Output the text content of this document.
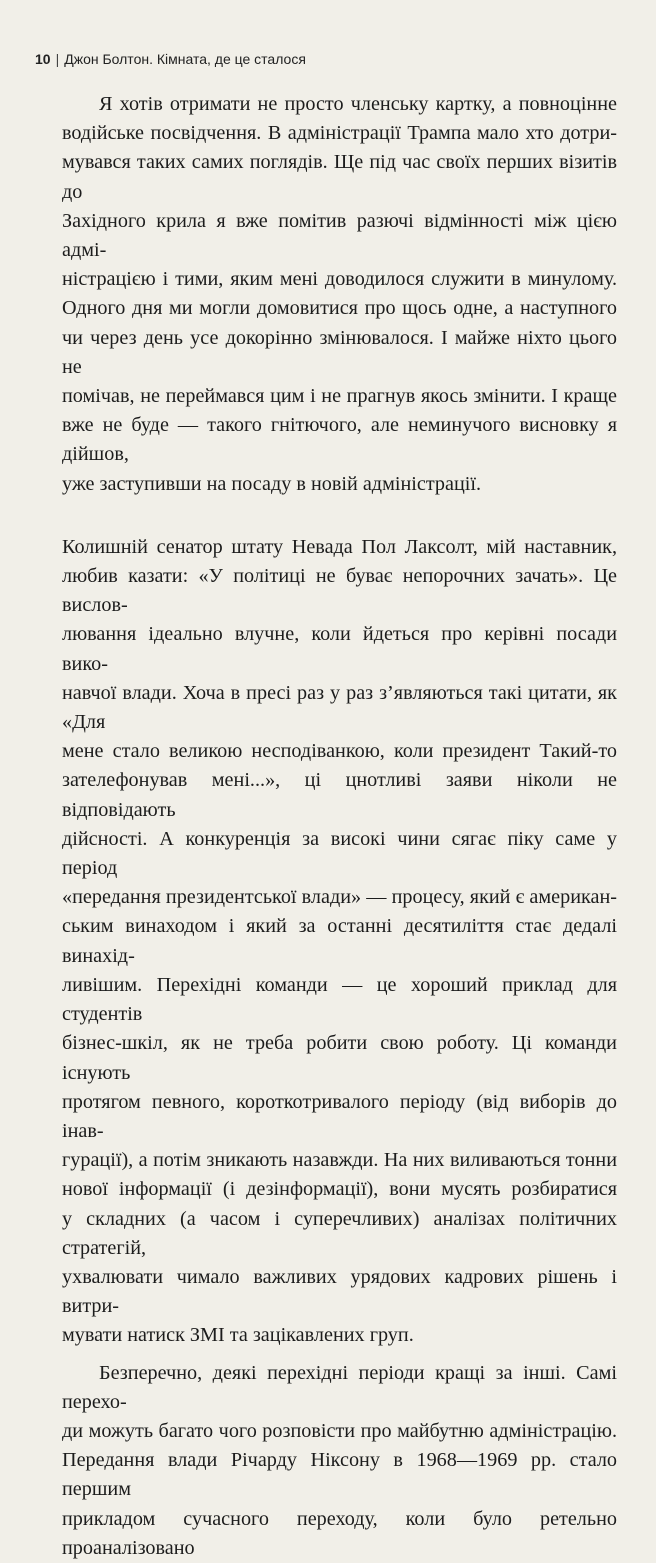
10 | Джон Болтон. Кімната, де це сталося

Я хотів отримати не просто членську картку, а повноцінне

водійське посвідчення. В адміністрації Трампа мало хто дотри-

мувався таких самих поглядів. Ще під час своїх перших візитів до

Західного крила я вже помітив разючі відмінності між цією адмі-

ністрацією і тими, яким мені доводилося служити в минулому.

Одного дня ми могли домовитися про щось одне, а наступного

чи через день усе докорінно змінювалося. І майже ніхто цього не

помічав, не переймався цим і не прагнув якось змінити. І краще

вже не буде — такого гнітючого, але неминучого висновку я дійшов,

уже заступивши на посаду в новій адміністрації.

Колишній сенатор штату Невада Пол Лаксолт, мій наставник,

любив казати: «У політиці не буває непорочних зачать». Це вислов-

лювання ідеально влучне, коли йдеться про керівні посади вико-

навчої влади. Хоча в пресі раз у раз з’являються такі цитати, як «Для

мене стало великою несподіванкою, коли президент Такий-то

зателефонував мені...», ці цнотливі заяви ніколи не відповідають

дійсності. А конкуренція за високі чини сягає піку саме у період

«передання президентської влади» — процесу, який є американ-

ським винаходом і який за останні десятиліття стає дедалі винахід-

ливішим. Перехідні команди — це хороший приклад для студентів

бізнес-шкіл, як не треба робити свою роботу. Ці команди існують

протягом певного, короткотривалого періоду (від виборів до інав-

гурації), а потім зникають назавжди. На них виливаються тонни

нової інформації (і дезінформації), вони мусять розбиратися

у складних (а часом і суперечливих) аналізах політичних стратегій,

ухвалювати чимало важливих урядових кадрових рішень і витри-

мувати натиск ЗМІ та зацікавлених груп.

Безперечно, деякі перехідні періоди кращі за інші. Самі перехо-

ди можуть багато чого розповісти про майбутню адміністрацію.

Передання влади Річарду Ніксону в 1968—1969 рр. стало першим

прикладом сучасного переходу, коли було ретельно проаналізовано
